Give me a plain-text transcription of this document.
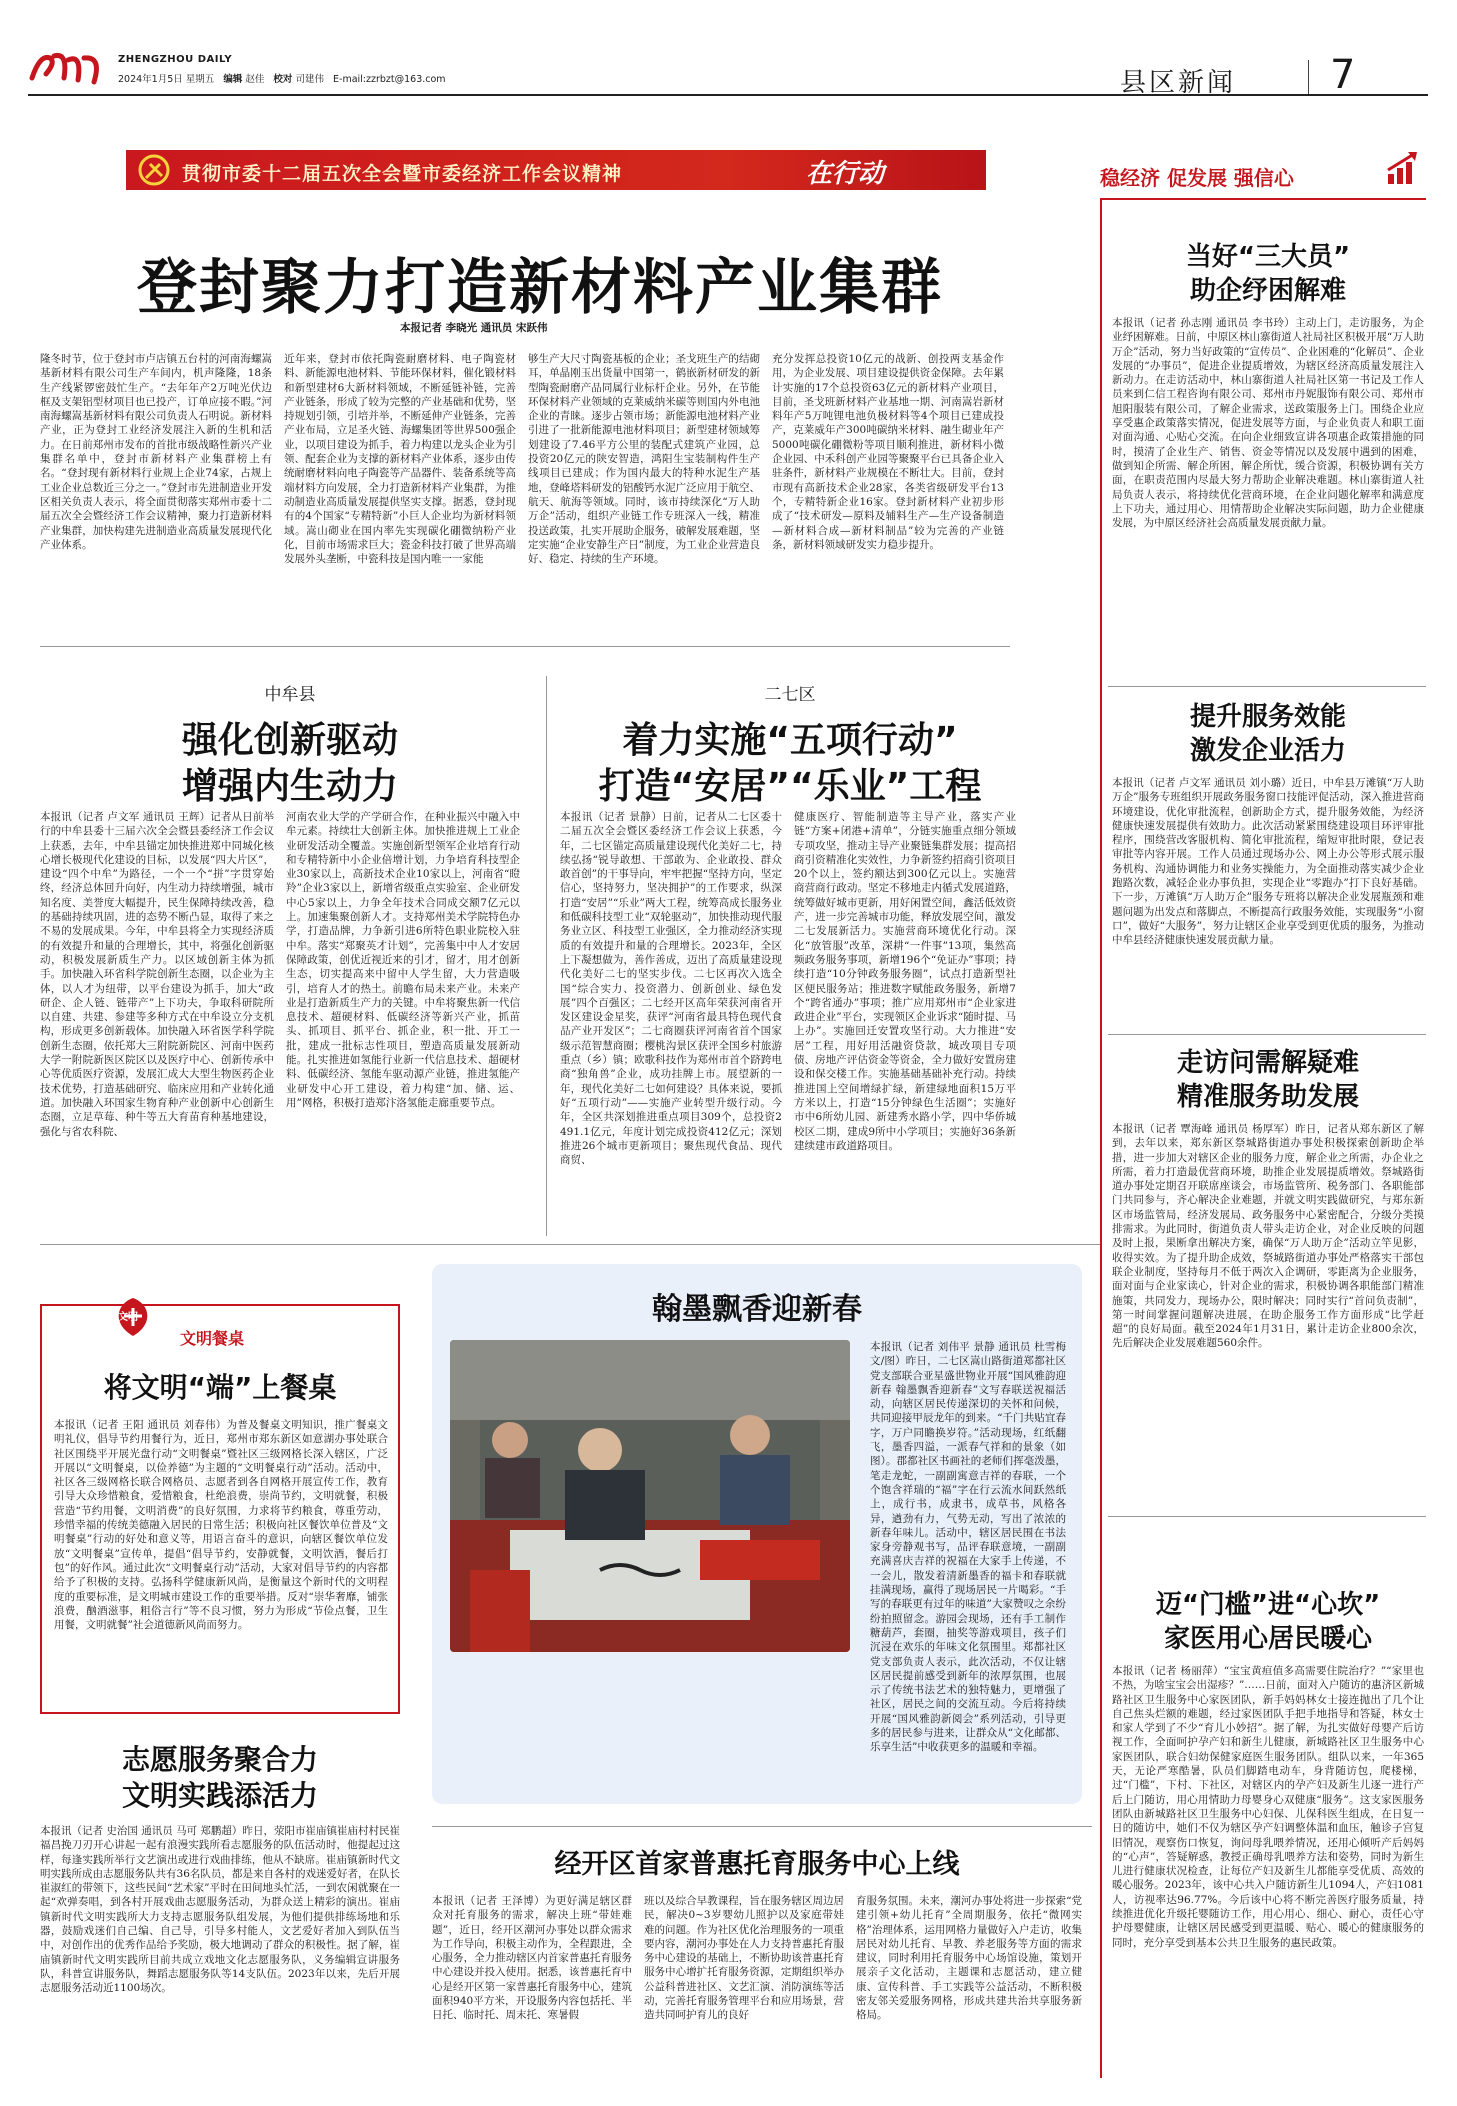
ZHENGZHOU DAILY
2024年1月5日 星期五 编辑 赵佳 校对 司建伟 E-mail:zzrbzt@163.com	县区新闻 7
贯彻市委十二届五次全会暨市委经济工作会议精神	在行动
登封聚力打造新材料产业集群
本报记者 李晓光 通讯员 宋跃伟
隆冬时节，位于登封市卢店镇五台村的河南海螺嵩基新材料有限公司生产车间内，机声隆隆，18条生产线紧锣密鼓忙生产。“去年年产2万吨光伏边框及支架铝型材项目也已投产，订单应接不暇。”河南海螺嵩基新材料有限公司负责人石明说。新材料产业，正为登封工业经济发展注入新的生机和活力。在日前郑州市发布的首批市级战略性新兴产业集群名单中，登封市新材料产业集群榜上有名。“登封现有新材料行业规上企业74家，占规上工业企业总数近三分之一。”登封市先进制造业开发区相关负责人表示，将全面贯彻落实郑州市委十二届五次全会暨经济工作会议精神，聚力打造新材料产业集群，加快构建先进制造业高质量发展现代化产业体系。
近年来，登封市依托陶瓷耐磨材料、电子陶瓷材料、新能源电池材料、节能环保材料，催化锻材料和新型建材6大新材料领域，不断延链补链，完善产业链条，形成了较为完整的产业基础和优势，坚持规划引领，引培并举，不断延伸产业链条，完善产业布局，立足圣火链、海螺集团等世界500强企业，以项目建设为抓手，着力构建以龙头企业为引领、配套企业为支撑的新材料产业体系，逐步由传统耐磨材料向电子陶瓷等产品器件、装备系统等高端材料方向发展，全力打造新材料产业集群，为推动制造业高质量发展提供坚实支撑。据悉，登封现有的4个国家“专精特新”小巨人企业均为新材料领域。嵩山砌业在国内率先实现碳化硼微纳粉产业化，目前市场需求巨大；瓷金科技打破了世界高端发展外头垄断，中瓷科技是国内唯一一家能
够生产大尺寸陶瓷基板的企业；圣戈班生产的结砌耳，单晶刚玉出货量中国第一，鹤嵌新材研发的新型陶瓷耐磨产品同属行业标杆企业。另外，在节能环保材料产业领域的克莱威纳米碳等则国内外电池企业的青睐。逐步占领市场；新能源电池材料产业引进了一批新能源电池材料项目；新型建材领域筹划建设了7.46平方公里的装配式建筑产业园，总投资20亿元的陕安智造，鸿阳生宝装制构件生产线项目已建成；作为国内最大的特种水泥生产基地，登峰塔料研发的铝酸钙水泥广泛应用于航空、航天、航海等领域。同时，该市持续深化“万人助万企”活动，组织产业链工作专班深入一线，精准投送政策，扎实开展助企服务，破解发展难题，坚定实施“企业安静生产日”制度，为工业企业营造良好、稳定、持续的生产环境。
充分发挥总投资10亿元的战新、创投两支基金作用，为企业发展、项目建设提供资金保障。去年累计实施的17个总投资63亿元的新材料产业项目，目前，圣戈班新材料产业基地一期、河南嵩岩新材料年产5万吨锂电池负极材料等4个项目已建成投产，克莱威年产300吨碳纳米材料、融生砌业年产5000吨碳化硼微粉等项目顺利推进，新材料小微企业园、中禾科创产业园等聚聚平台已具备企业入驻条件，新材料产业规模在不断壮大。目前，登封市现有高新技术企业28家，各类省级研发平台13个，专精特新企业16家。登封新材料产业初步形成了“技术研发—原料及辅料生产—生产设备制造—新材料合成—新材料制品”较为完善的产业链条，新材料领域研发实力稳步提升。
中牟县
强化创新驱动
增强内生动力
本报讯（记者 卢文军 通讯员 王辉）记者从日前举行的中牟县委十三届六次全会暨县委经济工作会议上获悉，去年，中牟县锚定加快推进郑中同城化核心增长极现代化建设的目标，以发展“四大片区”，建设“四个中牟”为路径，一个一个“拼”字贯穿始终，经济总体回升向好，内生动力持续增强，城市知名度、美誉度大幅提升，民生保障持续改善，稳的基础持续巩固，进的态势不断凸显，取得了来之不易的发展成果。今年，中牟县将全力实现经济质的有效提升和量的合理增长，其中，将强化创新驱动，积极发展新质生产力。以区域创新主体为抓手。加快融入环省科学院创新生态圈，以企业为主体，以人才为纽带，以平台建设为抓手，加大“政研企、企人链、链带产”上下功夫，争取科研院所以自建、共建、参建等多种方式在中牟设立分支机构，形成更多创新载体。加快融入环省医学科学院创新生态圈，依托郑大三附院新院区、河南中医药大学一附院新医区院区以及医疗中心、创新传承中心等优质医疗资源，发展汇成大大型生物医药企业技术优势，打造基础研究、临床应用和产业转化通道。加快融入环国家生物育种产业创新中心创新生态圈，立足草莓、种牛等五大育苗育种基地建设，强化与省农科院、
河南农业大学的产学研合作，在种业振兴中融入中牟元素。持续壮大创新主体。加快推进规上工业企业研发活动全覆盖。实施创新型领军企业培育行动和专精特新中小企业倍增计划，力争培育科技型企业30家以上，高新技术企业10家以上，河南省“瞪羚”企业3家以上，新增省级重点实验室、企业研发中心5家以上，力争全年技术合同成交额7亿元以上。加速集聚创新人才。支持郑州美术学院特色办学，打造品牌，力争新引进6所特色职业院校入驻中牟。落实“郑聚英才计划”，完善集中中人才安居保障政策，创优近视近来的引才，留才，用才创新生态，切实提高来中留中人学生留，大力营造吸引，培育人才的热土。前瞻布局未来产业。未来产业是打造新质生产力的关键。中牟将聚焦新一代信息技术、超硬材料、低碳经济等新兴产业，抓苗头、抓项目、抓平台、抓企业，积一批、开工一批，建成一批标志性项目，塑造高质量发展新动能。扎实推进如氢能行业新一代信息技术、超硬材料、低碳经济、氢能车驱动源产业链，推进氢能产业研发中心开工建设，着力构建“加、储、运、用”网格，积极打造郑汴洛氢能走廊重要节点。
二七区
着力实施“五项行动”
打造“安居”“乐业”工程
本报讯（记者 景静）日前，记者从二七区委十二届五次全会暨区委经济工作会议上获悉，今年，二七区锚定高质量建设现代化美好二七，持续弘扬“锐导敢想、干部敢为、企业敢投、群众敢首创”的干事导向，牢牢把握“坚持方向，坚定信心，坚持努力，坚决拥护”的工作要求，纵深打造“安居”“乐业”两大工程，统筹高成长服务业和低碳科技型工业“双轮驱动”，加快推动现代服务业立区、科技型工业强区，全力推动经济实现质的有效提升和量的合理增长。2023年，全区上下凝想做为，善作善成，迈出了高质量建设现代化美好二七的坚实步伐。二七区再次入选全国“综合实力、投资潜力、创新创业、绿色发展”四个百强区；二七经开区高年荣获河南省开发区建设金星奖，获评“河南省最具特色现代食品产业开发区”；二七商圈获评河南省首个国家级示范智慧商圈；樱桃沟景区获评全国乡村旅游重点（乡）镇；欧歌科技作为郑州市首个跻跨电商“独角兽”企业，成功挂牌上市。展望新的一年，现代化美好二七如何建设？具体来说，要抓好“五项行动”——实施产业转型升级行动。今年，全区共深划推进重点项目309个，总投资2491.1亿元，年度计划完成投资412亿元；深划推进26个城市更新项目；聚焦现代食品、现代商贸、
健康医疗、智能制造等主导产业，落实产业链“方案+闭港+清单”，分链实施重点细分领域专项攻坚，推动主导产业聚链集群发展；提高招商引资精准化实效性，力争新签约招商引资项目20个以上，签约额达到300亿元以上。实施营商营商行政动。坚定不移地走内循式发展道路，统筹做好城市更新，用好闲置空间，鑫活低效资产，进一步完善城市功能，释放发展空间，激发二七发展新活力。实施营商环境优化行动。深化“放管服”改革，深耕“一件事”13项，集然高频政务服务事项，新增196个“免证办”事项；持续打造“10分钟政务服务圈”，试点打造新型社区便民服务站；推进数字赋能政务服务，新增7个“跨省通办”事项；推广应用郑州市“企业家进政进企业”平台，实现领区企业诉求“随时提、马上办”。实施回迁安置攻坚行动。大力推进“安居”工程，用好用活融资贷款，城改项目专项债、房地产评估资金等资金，全力做好安置房建设和保交楼工作。实施基础基础补充行动。持续推进国上空间增绿扩绿，新建绿地面积15万平方米以上，打造“15分钟绿色生活圈”；实施好市中6所幼儿园、新建秀水路小学，四中华侨城校区二期，建成9所中小学项目；实施好36条新建续建市政道路项目。
文明
文明餐桌
将文明“端”上餐桌
本报讯（记者 王阳 通讯员 刘春伟）为普及餐桌文明知识，推广餐桌文明礼仪，倡导节约用餐行为，近日，郑州市郑东新区如意湖办事处联合社区围绕平开展光盘行动“文明餐桌”暨社区三级网格长深入辖区，广泛开展以“文明餐桌，以俭养德”为主题的“文明餐桌行动”活动。活动中，社区各三级网格长联合网格员、志愿者到各自网格开展宣传工作，教育引导大众珍惜粮食，爱惜粮食，杜绝浪费，崇尚节约，文明就餐，积极营造“节约用餐，文明消费”的良好氛围，力求将节约粮食，尊重劳动，珍惜幸福的传统美德融入居民的日常生活；积极向社区餐饮单位普及“文明餐桌”行动的好处和意义等，用语言奋斗的意识，向辖区餐饮单位发放“文明餐桌”宣传单，提倡“倡导节约，安静就餐，文明饮酒，餐后打包”的好作风。通过此次“文明餐桌行动”活动，大家对倡导节约的内容都给予了积极的支持。弘扬科学健康新风尚，是衡量这个新时代的文明程度的重要标准，是文明城市建设工作的重要举措。反对“崇华奢靡，铺张浪费，酗酒滋事，粗俗言行”等不良习惯，努力为形成“节俭点餐，卫生用餐，文明就餐”社会道德新风尚而努力。
志愿服务聚合力
文明实践添活力
本报讯（记者 史治国 通讯员 马可 郑鹏超）昨日，荥阳市崔庙镇崔庙村村民崔福昌挽刀刃开心讲起一起有浪漫实践所看志愿服务的队伍活动时，他提起过这样，每逢实践所举行文艺演出或进行戏曲排练，他从不缺席。崔庙镇新时代文明实践所成由志愿服务队共有36名队员，都是来自各村的戏迷爱好者，在队长崔淑红的带领下，这些民间“艺术家”平时在田间地头忙活，一到农闲就聚在一起“欢弹奏唱，到各村开展戏曲志愿服务活动，为群众送上精彩的演出。崔庙镇新时代文明实践所大力支持志愿服务队组发展，为他们提供排练场地和乐器，鼓励戏迷们自己编、自己导，引导多村能人，文艺爱好者加入到队伍当中，对创作出的优秀作品给予奖励，极大地调动了群众的积极性。据了解，崔庙镇新时代文明实践所目前共成立戏地文化志愿服务队，义务编辑宣讲服务队，科普宣讲服务队，舞蹈志愿服务队等14支队伍。2023年以来，先后开展志愿服务活动近1100场次。
翰墨飘香迎新春
本报讯（记者 刘伟平 景静 通讯员 杜雪梅 文/图）昨日，二七区嵩山路街道郑都社区党支部联合亚星盛世物业开展“国风雅韵迎新春 翰墨飘香迎新春”文写春联送祝福活动，向辖区居民传递深切的关怀和问候，共同迎接甲辰龙年的到来。“千门共贴宜春字，万户同瞻换岁符。”活动现场，红纸翻飞，墨香四溢，一派春气祥和的景象（如图）。郡都社区书画社的老师们挥毫泼墨，笔走龙蛇，一副副寓意吉祥的春联，一个个饱含祥瑞的“福”字在行云流水间跃然纸上，成行书，成隶书，成草书，风格各异，遒劲有力，气势无动，写出了浓浓的新春年味儿。活动中，辖区居民围在书法家身旁静观书写，品评春联意境，一副副充满喜庆吉祥的祝福在大家手上传递，不一会儿，散发着清新墨香的福卡和春联就挂满现场，赢得了现场居民一片喝彩。“手写的春联更有过年的味道”大家赞叹之余纷纷拍照留念。游园会现场，还有手工制作糖葫芦，套圈，抽奖等游戏项目，孩子们沉浸在欢乐的年味文化氛围里。郑都社区党支部负责人表示，此次活动，不仅让辖区居民提前感受到新年的浓厚氛围，也展示了传统书法艺术的独特魅力，更增强了社区，居民之间的交流互动。今后将持续开展“国风雅韵新阅会”系列活动，引导更多的居民参与进来，让群众从“文化邮都、乐享生活”中收获更多的温暖和幸福。
经开区首家普惠托育服务中心上线
本报讯（记者 王泽博）为更好满足辖区群众对托育服务的需求，解决上班“带娃难题”，近日，经开区潮河办事处以群众需求为工作导向，积极主动作为，全程跟进，全心服务，全力推动辖区内首家普惠托育服务中心建设并投入使用。据悉，该普惠托育中心是经开区第一家普惠托育服务中心，建筑面积940平方米，开设服务内容包括托、半日托、临时托、周末托、寒暑假
班以及综合早教课程，旨在服务辖区周边居民，解决0~3岁婴幼儿照护以及家庭带娃难的问题。作为社区优化治理服务的一项重要内容，潮河办事处在人力支持普惠托育服务中心建设的基础上，不断协助该普惠托育服务中心增扩托育服务资源，定期组织举办公益科普进社区、文艺汇演、消防演练等活动，完善托育服务管理平台和应用场景，营造共同呵护育儿的良好
育服务氛围。未来，潮河办事处将进一步探索“党建引领+幼儿托育”全周期服务，依托“微网实格”治理体系，运用网格力量做好入户走访，收集居民对幼儿托育、早教、养老服务等方面的需求建议，同时利用托育服务中心场馆设施，策划开展亲子文化活动，主题课和志愿活动，建立健康、宣传科普、手工实践等公益活动，不断积极密友邻关爱服务网格，形成共建共治共享服务新格局。
稳经济 促发展 强信心
当好“三大员”
助企纾困解难
本报讯（记者 孙志刚 通讯员 李书玲）主动上门，走访服务，为企业纾困解难。日前，中原区林山寨街道人社局社区积极开展“万人助万企”活动，努力当好政策的“宣传员”、企业困难的“化解员”、企业发展的“办事员”，促进企业提质增效，为辖区经济高质量发展注入新动力。在走访活动中，林山寨街道人社局社区第一书记及工作人员来到仁信工程咨询有限公司、郑州市丹妮服饰有限公司、郑州市旭阳服装有限公司，了解企业需求，送政策服务上门。围绕企业应享受惠企政策落实情况，促进发展等方面，与企业负责人和职工面对面沟通、心贴心交流。在向企业细致宣讲各项惠企政策措施的同时，摸清了企业生产、销售、资金等情况以及发展中遇到的困难，做到知企所需、解企所困，解企所忧，缓合资源，积极协调有关方面，在职责范围内尽最大努力帮助企业解决难题。林山寨街道人社局负责人表示，将持续优化营商环境，在企业问题化解率和满意度上下功夫，通过用心、用情帮助企业解决实际问题，助力企业健康发展，为中原区经济社会高质量发展贡献力量。
提升服务效能
激发企业活力
本报讯（记者 卢文军 通讯员 刘小璐）近日，中牟县万滩镇“万人助万企”服务专班组织开展政务服务窗口技能评促活动，深入推进营商环境建设，优化审批流程，创新助企方式，提升服务效能，为经济健康快速发展提供有效助力。此次活动紧紧围绕建设项目环评审批程序，围绕营改客服机构、简化审批流程，缩短审批时限，登记表审批等内容开展。工作人员通过现场办公、网上办公等形式展示服务机构、沟通协调能力和业务实操能力，为全面推动落实减少企业跑路次数，减轻企业办事负担，实现企业“零跑办”打下良好基础。下一步，万滩镇“万人助万企”服务专班将以解决企业发展瓶颈和难题问题为出发点和落脚点，不断提高行政服务效能，实现服务“小窗口”，做好“大服务”，努力让辖区企业享受到更优质的服务，为推动中牟县经济健康快速发展贡献力量。
走访问需解疑难
精准服务助发展
本报讯（记者 覃海峰 通讯员 杨厚军）昨日，记者从郑东新区了解到，去年以来，郑东新区祭城路街道办事处积极探索创新助企举措，进一步加大对辖区企业的服务力度，解企业之所需，办企业之所需，着力打造最优营商环境，助推企业发展提质增效。祭城路街道办事处定期召开联席座谈会，市场监管所、税务部门、各职能部门共同参与，齐心解决企业难题，并就文明实践做研究，与郑东新区市场监管局，经济发展局、政务服务中心紧密配合，分级分类摸排需求。为此同时，街道负责人带头走访企业，对企业反映的问题及时上报，果断拿出解决方案，确保“万人助万企”活动立竿见影，收得实效。为了提升助企成效，祭城路街道办事处严格落实干部包联企业制度，坚持每月不低于两次入企调研，零距离为企业服务，面对面与企业家读心，针对企业的需求，积极协调各职能部门精准施策，共同发力，现场办公，限时解决；同时实行“首问负责制”，第一时间掌握问题解决进展，在助企服务工作方面形成“比学赶超”的良好局面。截至2024年1月31日，累计走访企业800余次，先后解决企业发展难题560余件。
迈“门槛”进“心坎”
家医用心居民暖心
本报讯（记者 杨丽萍）“宝宝黄疸值多高需要住院治疗？”“家里也不热，为啥宝宝会出湿疹？”……日前，面对入户随访的惠济区新城路社区卫生服务中心家医团队，新手妈妈林女士接连抛出了几个让自己焦头烂额的难题，经过家医团队手把手地指导和答疑，林女士和家人学到了不少“育儿小妙招”。据了解，为扎实做好母婴产后访视工作，全面呵护孕产妇和新生儿健康，新城路社区卫生服务中心家医团队，联合妇幼保健家庭医生服务团队。组队以来，一年365天，无论严寒酷暑，队员们脚踏电动车，身背随访包，爬楼梯，过“门槛”，下村、下社区，对辖区内的孕产妇及新生儿逐一进行产后上门随访，用心用情助力母婴身心双健康“服务”。这支家医服务团队由新城路社区卫生服务中心妇保、儿保科医生组成，在日复一日的随访中，她们不仅为辖区孕产妇调整体温和血压，触诊子宫复旧情况，观察伤口恢复，询问母乳喂养情况，还用心倾听产后妈妈的“心声”，答疑解惑，教授正确母乳喂养方法和姿势，同时为新生儿进行健康状况检查，让每位产妇及新生儿都能享受优质、高效的暖心服务。2023年，该中心共入户随访新生儿1094人，产妇1081人，访视率达96.77%。今后该中心将不断完善医疗服务质量，持续推进优化升级托婴随访工作，用心用心、细心、耐心，责任心守护母婴健康，让辖区居民感受到更温暖、贴心、暖心的健康服务的同时，充分享受到基本公共卫生服务的惠民政策。
